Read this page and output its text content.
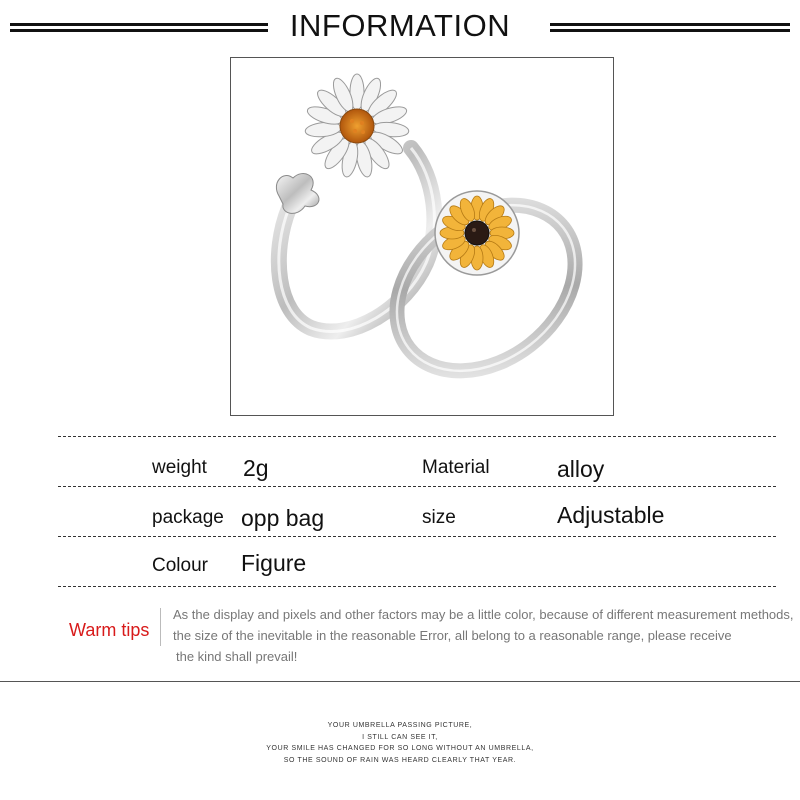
INFORMATION
weight 2g	Material	alloy
package opp bag	size	Adjustable
Colour Figure
Warm tips
As the display and pixels and other factors may be a little color, because of different measurement methods,
the size of the inevitable in the reasonable Error, all belong to a reasonable range, please receive
the kind shall prevail!
YOUR UMBRELLA PASSING PICTURE,
I STILL CAN SEE IT,
YOUR SMILE HAS CHANGED FOR SO LONG WITHOUT AN UMBRELLA,
SO THE SOUND OF RAIN WAS HEARD CLEARLY THAT YEAR.
